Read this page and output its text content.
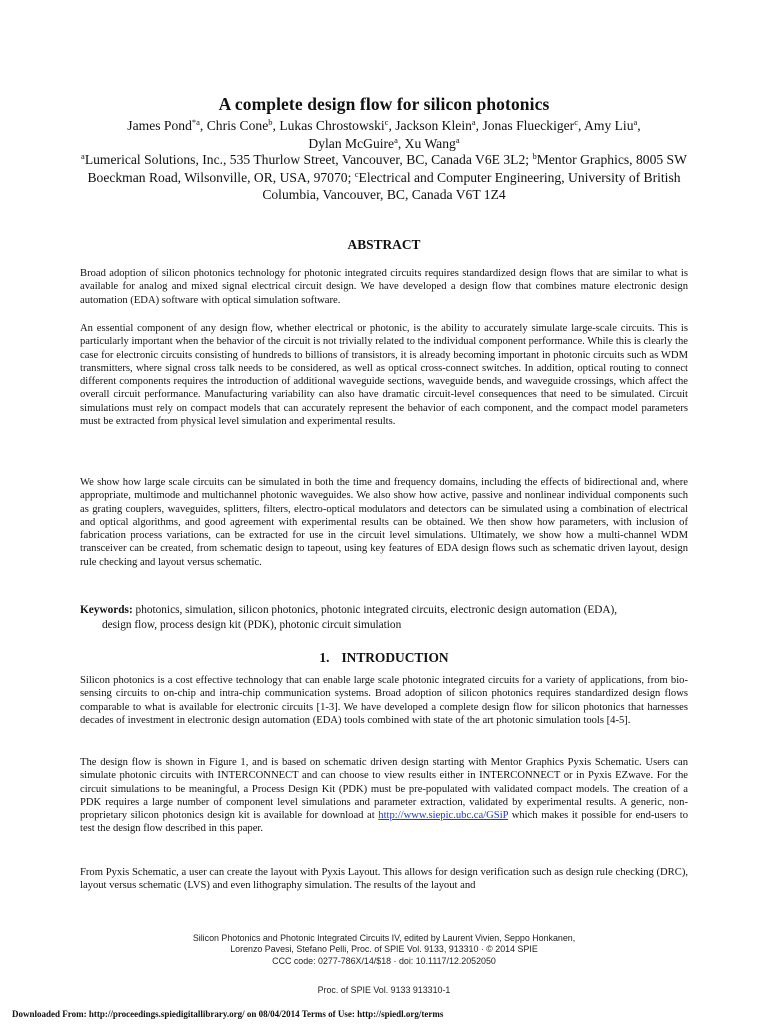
A complete design flow for silicon photonics
James Pond$^{*a}$, Chris Cone$^b$, Lukas Chrostowski$^c$, Jackson Klein$^a$, Jonas Flueckiger$^c$, Amy Liu$^a$,
Dylan McGuire$^a$, Xu Wang$^a$
$^a$Lumerical Solutions, Inc., 535 Thurlow Street, Vancouver, BC, Canada V6E 3L2; $^b$Mentor Graphics, 8005 SW Boeckman Road, Wilsonville, OR, USA, 97070; $^c$Electrical and Computer Engineering, University of British Columbia, Vancouver, BC, Canada V6T 1Z4
ABSTRACT

Broad adoption of silicon photonics technology for photonic integrated circuits requires standardized design flows that are similar to what is available for analog and mixed signal electrical circuit design. We have developed a design flow that combines mature electronic design automation (EDA) software with optical simulation software.

An essential component of any design flow, whether electrical or photonic, is the ability to accurately simulate large-scale circuits. This is particularly important when the behavior of the circuit is not trivially related to the individual component performance. While this is clearly the case for electronic circuits consisting of hundreds to billions of transistors, it is already becoming important in photonic circuits such as WDM transmitters, where signal cross talk needs to be considered, as well as optical cross-connect switches. In addition, optical routing to connect different components requires the introduction of additional waveguide sections, waveguide bends, and waveguide crossings, which affect the overall circuit performance. Manufacturing variability can also have dramatic circuit-level consequences that need to be simulated. Circuit simulations must rely on compact models that can accurately represent the behavior of each component, and the compact model parameters must be extracted from physical level simulation and experimental results.

We show how large scale circuits can be simulated in both the time and frequency domains, including the effects of bidirectional and, where appropriate, multimode and multichannel photonic waveguides. We also show how active, passive and nonlinear individual components such as grating couplers, waveguides, splitters, filters, electro-optical modulators and detectors can be simulated using a combination of electrical and optical algorithms, and good agreement with experimental results can be obtained. We then show how parameters, with inclusion of fabrication process variations, can be extracted for use in the circuit level simulations. Ultimately, we show how a multi-channel WDM transceiver can be created, from schematic design to tapeout, using key features of EDA design flows such as schematic driven layout, design rule checking and layout versus schematic.

Keywords: photonics, simulation, silicon photonics, photonic integrated circuits, electronic design automation (EDA),
design flow, process design kit (PDK), photonic circuit simulation
1. INTRODUCTION

Silicon photonics is a cost effective technology that can enable large scale photonic integrated circuits for a variety of applications, from bio-sensing circuits to on-chip and intra-chip communication systems. Broad adoption of silicon photonics requires standardized design flows comparable to what is available for electronic circuits [1-3]. We have developed a complete design flow for silicon photonics that harnesses decades of investment in electronic design automation (EDA) tools combined with state of the art photonic simulation tools [4-5].

The design flow is shown in Figure 1, and is based on schematic driven design starting with Mentor Graphics Pyxis Schematic. Users can simulate photonic circuits with INTERCONNECT and can choose to view results either in INTERCONNECT or in Pyxis EZwave. For the circuit simulations to be meaningful, a Process Design Kit (PDK) must be pre-populated with validated compact models. The creation of a PDK requires a large number of component level simulations and parameter extraction, validated by experimental results. A generic, non-proprietary silicon photonics design kit is available for download at http://www.siepic.ubc.ca/GSiP which makes it possible for end-users to test the design flow described in this paper.

From Pyxis Schematic, a user can create the layout with Pyxis Layout. This allows for design verification such as design rule checking (DRC), layout versus schematic (LVS) and even lithography simulation. The results of the layout and

Silicon Photonics and Photonic Integrated Circuits IV, edited by Laurent Vivien, Seppo Honkanen,
Lorenzo Pavesi, Stefano Pelli, Proc. of SPIE Vol. 9133, 913310 · © 2014 SPIE
CCC code: 0277-786X/14/$18 · doi: 10.1117/12.2052050
Proc. of SPIE Vol. 9133 913310-1
Downloaded From: http://proceedings.spiedigitallibrary.org/ on 08/04/2014 Terms of Use: http://spiedl.org/terms
